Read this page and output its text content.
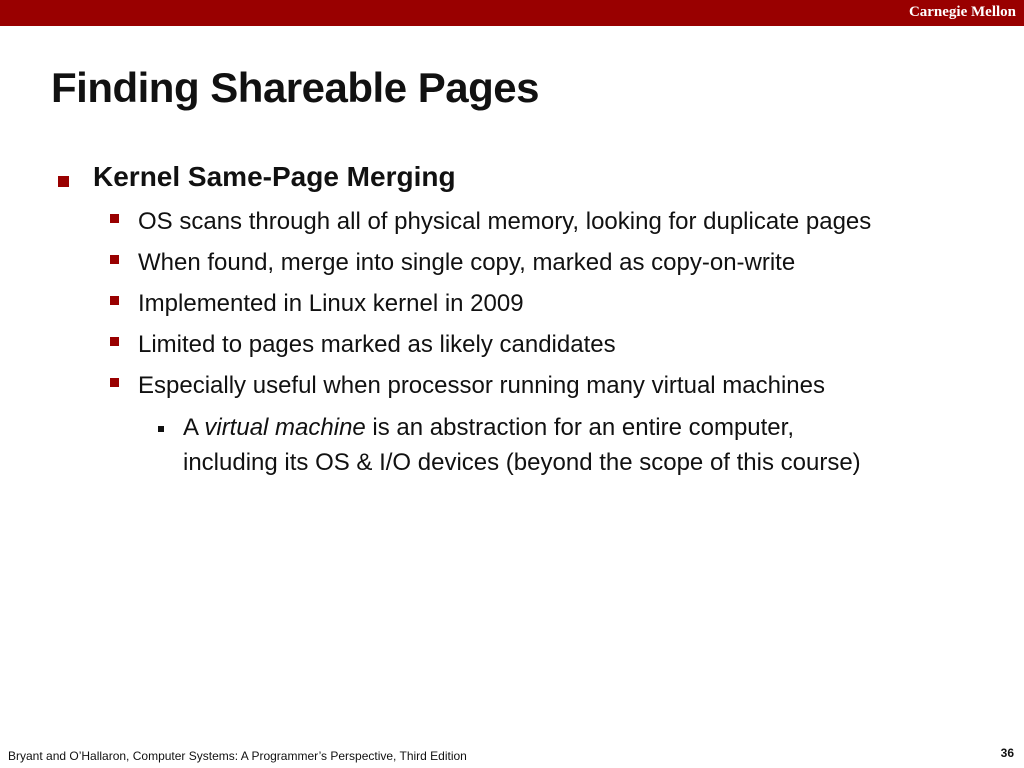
Carnegie Mellon
Finding Shareable Pages
Kernel Same-Page Merging
OS scans through all of physical memory, looking for duplicate pages
When found, merge into single copy, marked as copy-on-write
Implemented in Linux kernel in 2009
Limited to pages marked as likely candidates
Especially useful when processor running many virtual machines
A virtual machine is an abstraction for an entire computer,
including its OS & I/O devices (beyond the scope of this course)
Bryant and O’Hallaron, Computer Systems: A Programmer’s Perspective, Third Edition	36
